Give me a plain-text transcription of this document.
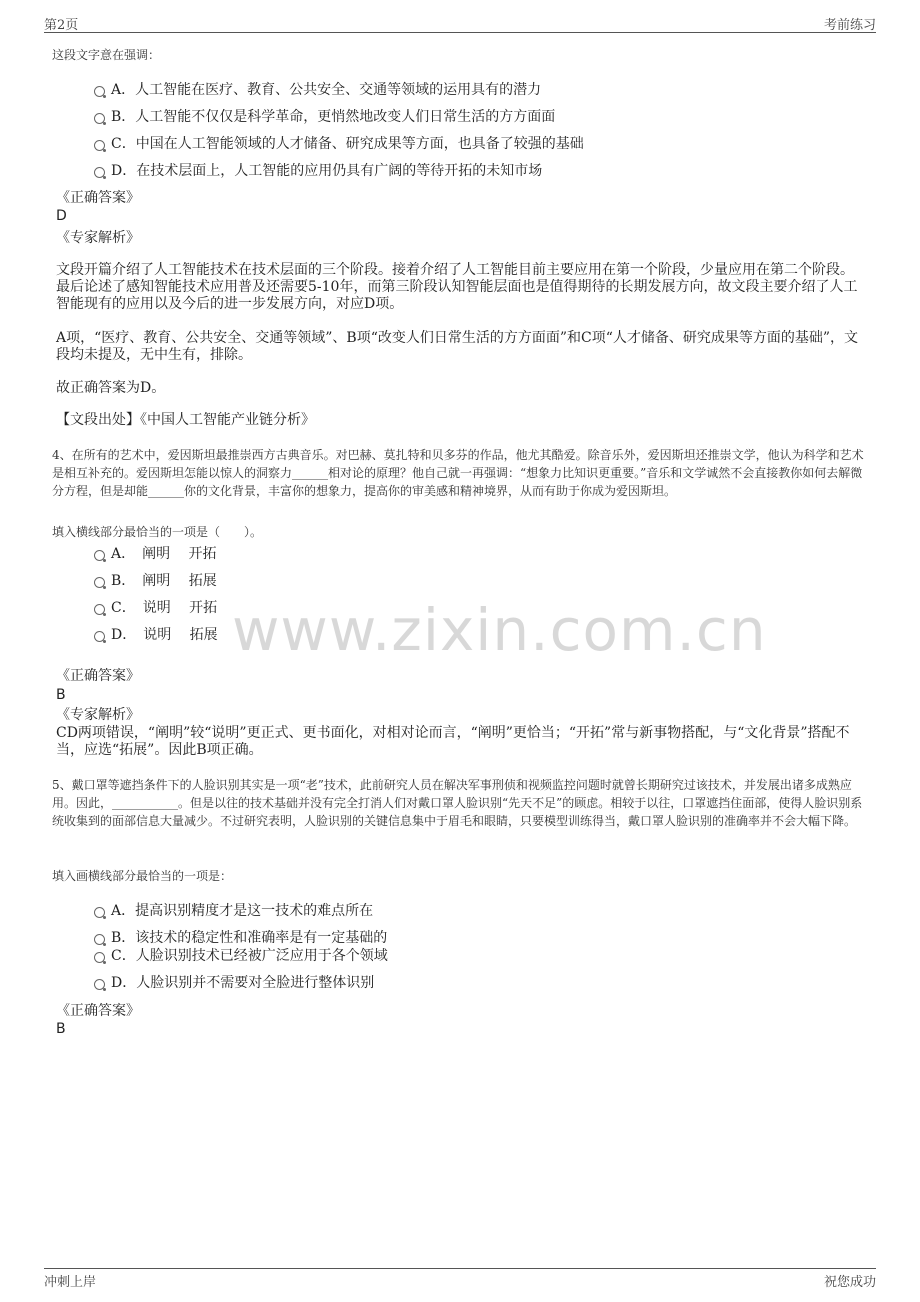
第2页	考前练习
www.zixin.com.cn
这段文字意在强调：
A．人工智能在医疗、教育、公共安全、交通等领域的运用具有的潜力
B．人工智能不仅仅是科学革命，更悄然地改变人们日常生活的方方面面
C．中国在人工智能领域的人才储备、研究成果等方面，也具备了较强的基础
D．在技术层面上，人工智能的应用仍具有广阔的等待开拓的未知市场
《正确答案》
D
《专家解析》
文段开篇介绍了人工智能技术在技术层面的三个阶段。接着介绍了人工智能目前主要应用在第一个阶段，少量应用在第二个阶段。最后论述了感知智能技术应用普及还需要5-10年，而第三阶段认知智能层面也是值得期待的长期发展方向，故文段主要介绍了人工智能现有的应用以及今后的进一步发展方向，对应D项。
A项，“医疗、教育、公共安全、交通等领域”、B项“改变人们日常生活的方方面面”和C项“人才储备、研究成果等方面的基础”，文段均未提及，无中生有，排除。
故正确答案为D。
【文段出处】《中国人工智能产业链分析》
4、在所有的艺术中，爱因斯坦最推崇西方古典音乐。对巴赫、莫扎特和贝多芬的作品，他尤其酷爱。除音乐外，爱因斯坦还推崇文学，他认为科学和艺术是相互补充的。爱因斯坦怎能以惊人的洞察力______相对论的原理？他自己就一再强调：“想象力比知识更重要。”音乐和文学诚然不会直接教你如何去解微分方程，但是却能______你的文化背景，丰富你的想象力，提高你的审美感和精神境界，从而有助于你成为爱因斯坦。
填入横线部分最恰当的一项是（　　）。
A．　阐明　 开拓
B．　阐明　 拓展
C．　说明　 开拓
D．　说明　 拓展
《正确答案》
B
《专家解析》
CD两项错误，“阐明”较“说明”更正式、更书面化，对相对论而言，“阐明”更恰当；“开拓”常与新事物搭配，与“文化背景”搭配不当，应选“拓展”。因此B项正确。
5、戴口罩等遮挡条件下的人脸识别其实是一项“老”技术，此前研究人员在解决军事刑侦和视频监控问题时就曾长期研究过该技术，并发展出诸多成熟应用。因此，___________。但是以往的技术基础并没有完全打消人们对戴口罩人脸识别“先天不足”的顾虑。相较于以往，口罩遮挡住面部，使得人脸识别系统收集到的面部信息大量减少。不过研究表明，人脸识别的关键信息集中于眉毛和眼睛，只要模型训练得当，戴口罩人脸识别的准确率并不会大幅下降。
填入画横线部分最恰当的一项是：
A．提高识别精度才是这一技术的难点所在
B．该技术的稳定性和准确率是有一定基础的
C．人脸识别技术已经被广泛应用于各个领域
D．人脸识别并不需要对全脸进行整体识别
《正确答案》
B
冲刺上岸	祝您成功
